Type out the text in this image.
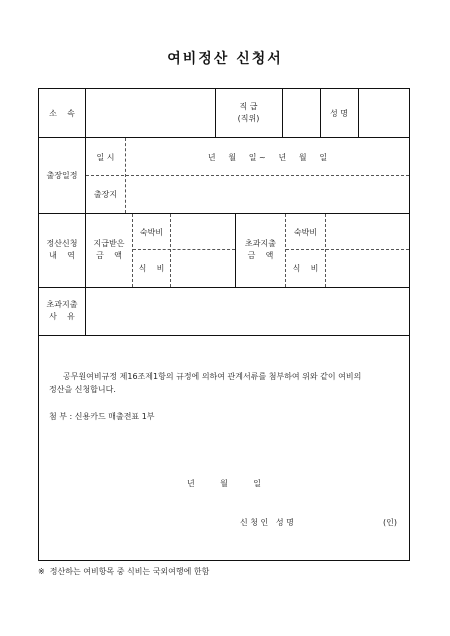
여비정산 신청서
소    속
직 급
(직위)
성 명
출장일정
일 시	년     월     일 ~     년     월     일
출장지
정산신청
내    역
지급받은
금    액
숙박비
식    비
초과지출
금    액
숙박비
식    비
초과지출
사    유
공무원여비규정 제16조제1항의 규정에 의하여 관계서류를 첨부하여 위와 같이 여비의
정산을 신청합니다.
첨 부 : 신용카드 매출전표 1부
년          월          일
신 청 인   성 명	(인)
※  정산하는 여비항목 중 식비는 국외여행에 한함
